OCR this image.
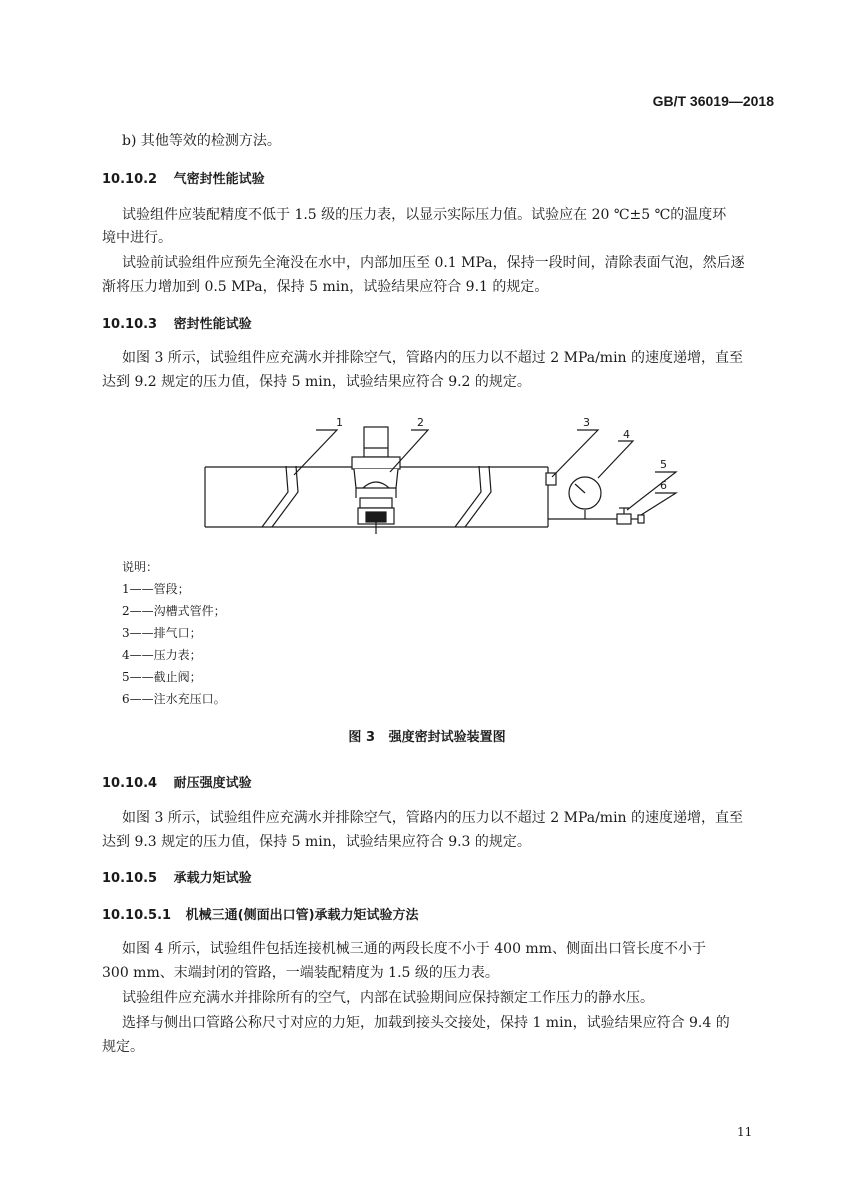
GB/T 36019—2018
b) 其他等效的检测方法。
10.10.2 气密封性能试验
试验组件应装配精度不低于 1.5 级的压力表，以显示实际压力值。试验应在 20 ℃±5 ℃的温度环
境中进行。
试验前试验组件应预先全淹没在水中，内部加压至 0.1 MPa，保持一段时间，清除表面气泡，然后逐
渐将压力增加到 0.5 MPa，保持 5 min，试验结果应符合 9.1 的规定。
10.10.3 密封性能试验
如图 3 所示，试验组件应充满水并排除空气，管路内的压力以不超过 2 MPa/min 的速度递增，直至
达到 9.2 规定的压力值，保持 5 min，试验结果应符合 9.2 的规定。
1	2	3
4
5
6
说明：
1——管段；
2——沟槽式管件；
3——排气口；
4——压力表；
5——截止阀；
6——注水充压口。
图 3   强度密封试验装置图
10.10.4 耐压强度试验
如图 3 所示，试验组件应充满水并排除空气，管路内的压力以不超过 2 MPa/min 的速度递增，直至
达到 9.3 规定的压力值，保持 5 min，试验结果应符合 9.3 的规定。
10.10.5 承载力矩试验
10.10.5.1 机械三通(侧面出口管)承载力矩试验方法
如图 4 所示，试验组件包括连接机械三通的两段长度不小于 400 mm、侧面出口管长度不小于
300 mm、末端封闭的管路，一端装配精度为 1.5 级的压力表。
试验组件应充满水并排除所有的空气，内部在试验期间应保持额定工作压力的静水压。
选择与侧出口管路公称尺寸对应的力矩，加载到接头交接处，保持 1 min，试验结果应符合 9.4 的
规定。
11
